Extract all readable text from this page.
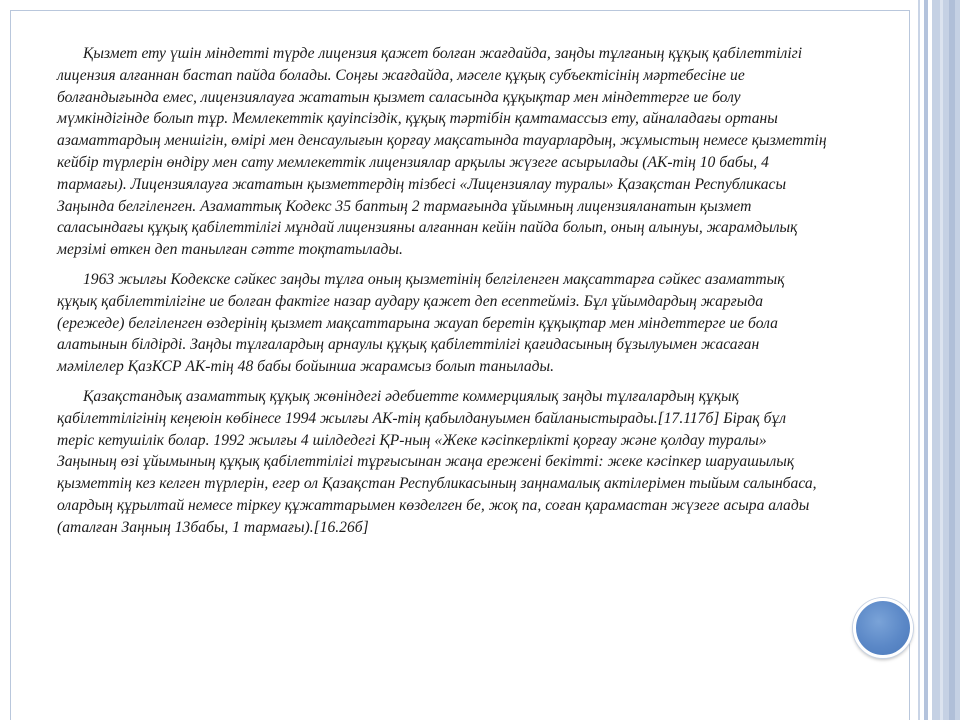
Қызмет ету үшін міндетті түрде лицензия қажет болған жағдайда, заңды тұлғаның құқық қабілеттілігі лицензия алғаннан бастап пайда болады. Соңғы жағдайда, мәселе құқық субъектісінің мәртебесіне ие болғандығында емес, лицензиялауға жататын қызмет саласында құқықтар мен міндеттерге ие болу мүмкіндігінде болып тұр. Мемлекеттік қауіпсіздік, құқық тәртібін қамтамассыз ету, айналадағы ортаны азаматтардың меншігін, өмірі мен денсаулығын қорғау мақсатында тауарлардың, жұмыстың немесе қызметтің кейбір түрлерін өндіру мен сату мемлекеттік лицензиялар арқылы жүзеге асырылады (АК-тің 10 бабы, 4 тармағы). Лицензиялауға жататын қызметтердің тізбесі «Лицензиялау туралы» Қазақстан Республикасы Заңында белгіленген. Азаматтық Кодекс 35 баптың 2 тармағында ұйымның лицензияланатын қызмет саласындағы құқық қабілеттілігі мұндай лицензияны алғаннан кейін пайда болып, оның алынуы, жарамдылық мерзімі өткен деп танылған сәтте тоқтатылады.

1963 жылғы Кодекске сәйкес заңды тұлға оның қызметінің белгіленген мақсаттарға сәйкес азаматтық құқық қабілеттілігіне ие болған фактіге назар аудару қажет деп есептейміз. Бұл ұйымдардың жарғыда (ережеде) белгіленген өздерінің қызмет мақсаттарына жауап беретін құқықтар мен міндеттерге ие бола алатынын білдірді. Заңды тұлғалардың арнаулы құқық қабілеттілігі қағидасының бұзылуымен жасаған мәмілелер ҚазКСР АК-тің 48 бабы бойынша жарамсыз болып танылады.

Қазақстандық азаматтық құқық жөніндегі әдебиетте коммерциялық заңды тұлғалардың құқық қабілеттілігінің кеңеюін көбінесе 1994 жылғы АК-тің қабылдануымен байланыстырады.[17.117б] Бірақ бұл теріс кетушілік болар. 1992 жылғы 4 шілдедегі ҚР-ның «Жеке кәсіпкерлікті қорғау және қолдау туралы» Заңының өзі ұйымының құқық қабілеттілігі тұрғысынан жаңа ережені бекітті: жеке кәсіпкер шаруашылық қызметтің кез келген түрлерін, егер ол Қазақстан Республикасының заңнамалық актілерімен тыйым салынбаса, олардың құрылтай немесе тіркеу құжаттарымен көзделген бе, жоқ па, соған қарамастан жүзеге асыра алады (аталған Заңның 13бабы, 1 тармағы).[16.26б]
